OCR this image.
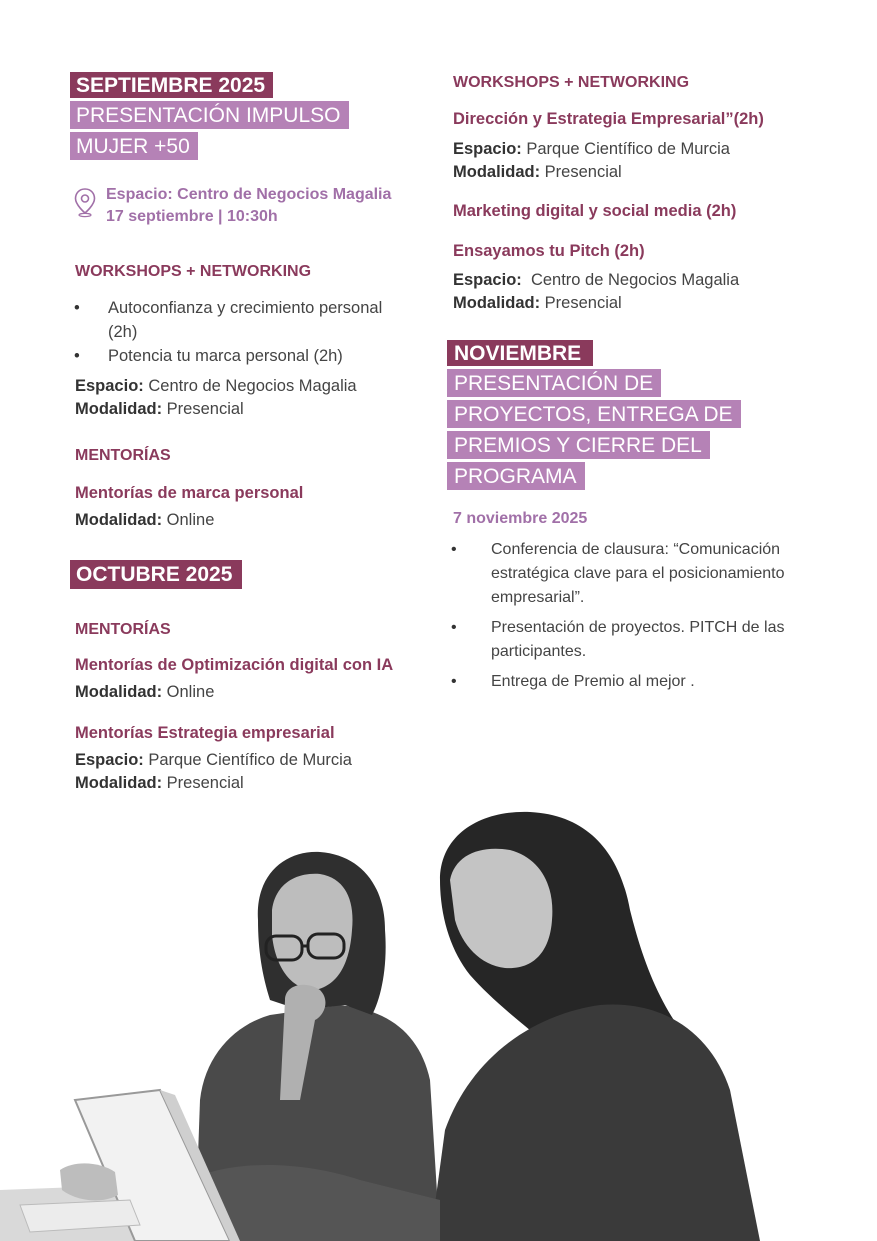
SEPTIEMBRE 2025
PRESENTACIÓN IMPULSO
MUJER +50
Espacio: Centro de Negocios Magalia
17 septiembre | 10:30h
WORKSHOPS + NETWORKING
• Autoconfianza y crecimiento personal (2h)
• Potencia tu marca personal (2h)
Espacio: Centro de Negocios Magalia
Modalidad: Presencial
MENTORÍAS
Mentorías de marca personal
Modalidad: Online
OCTUBRE 2025
MENTORÍAS
Mentorías de Optimización digital con IA
Modalidad: Online
Mentorías Estrategia empresarial
Espacio: Parque Científico de Murcia
Modalidad: Presencial
WORKSHOPS + NETWORKING
Dirección y Estrategia Empresarial”(2h)
Espacio: Parque Científico de Murcia
Modalidad: Presencial
Marketing digital y social media (2h)
Ensayamos tu Pitch (2h)
Espacio: Centro de Negocios Magalia
Modalidad: Presencial
NOVIEMBRE
PRESENTACIÓN DE
PROYECTOS, ENTREGA DE
PREMIOS Y CIERRE DEL
PROGRAMA
7 noviembre 2025
• Conferencia de clausura: “Comunicación estratégica clave para el posicionamiento empresarial”.
• Presentación de proyectos. PITCH de las participantes.
• Entrega de Premio al mejor .
